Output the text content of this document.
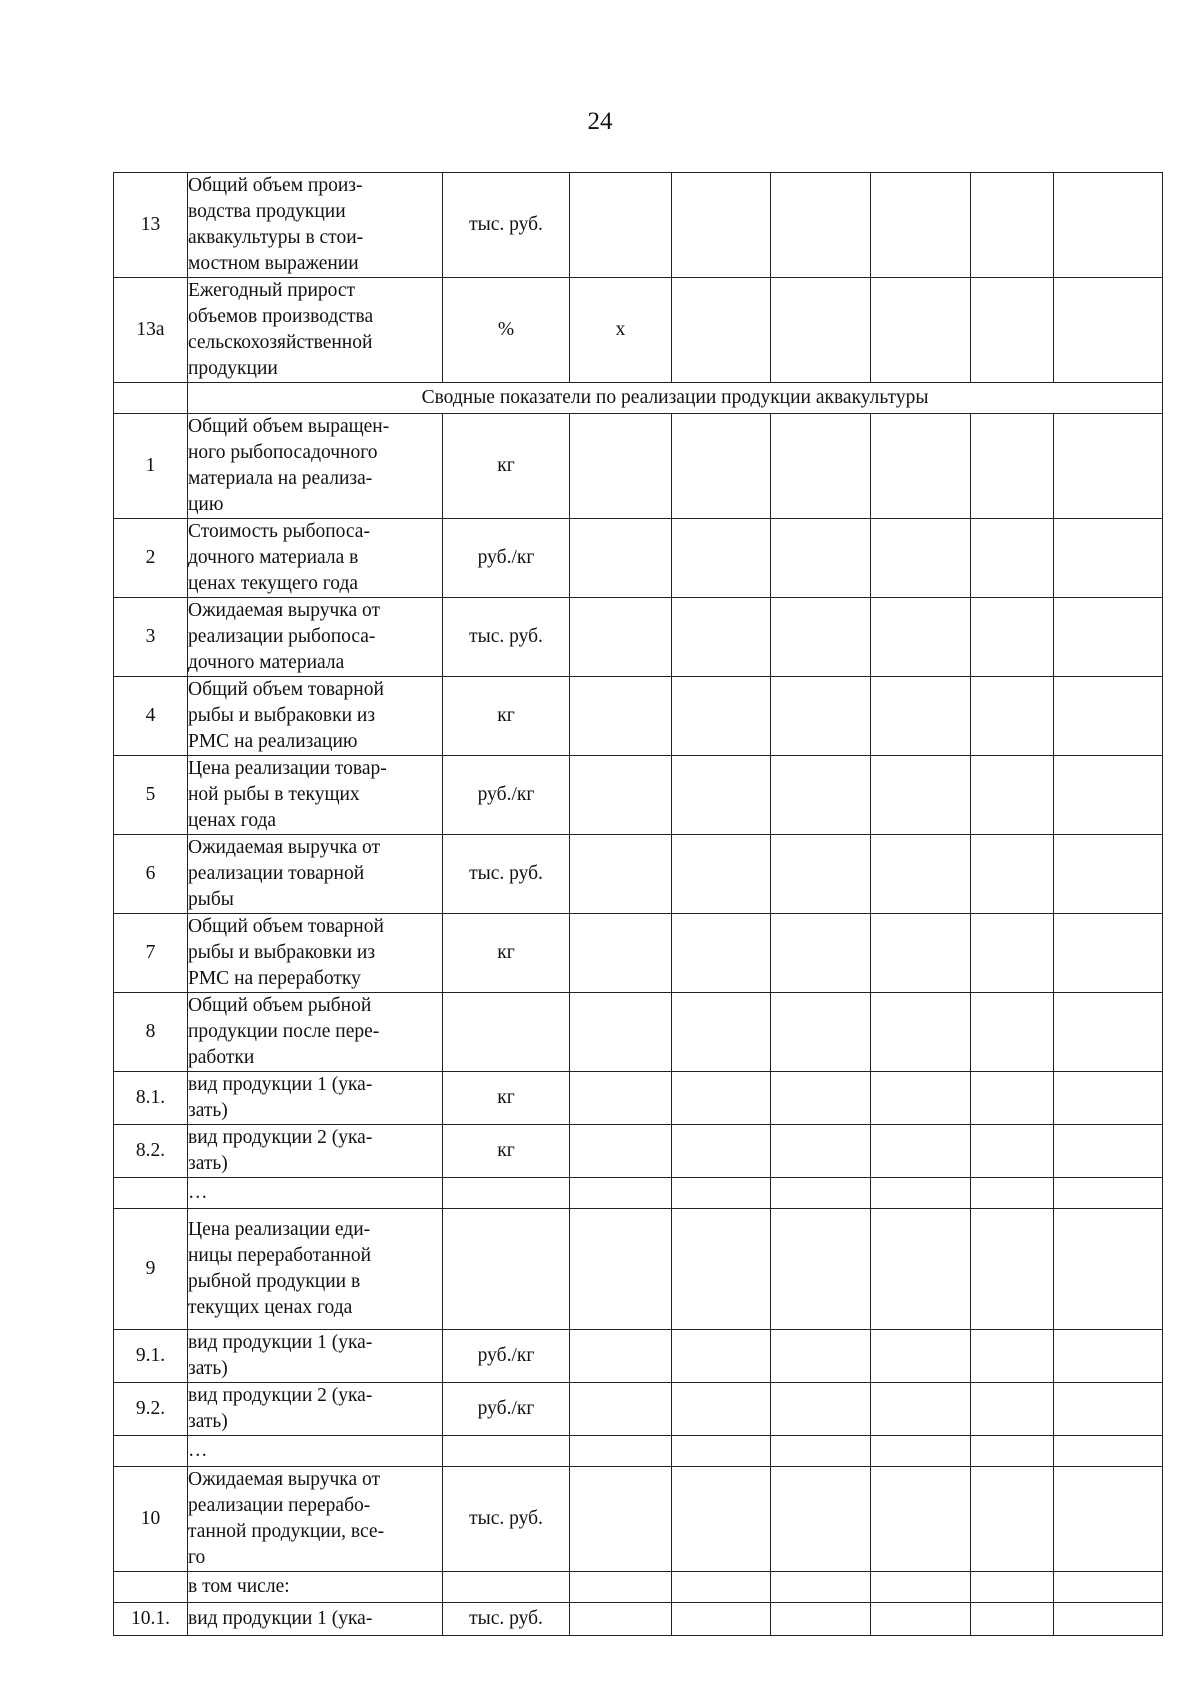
24
13	Общий объем произ-
водства продукции
аквакультуры в стои-
мостном выражении	тыс. руб.						
13а	Ежегодный прирост
объемов производства
сельскохозяйственной
продукции	%	х					
	Сводные показатели по реализации продукции аквакультуры							
1	Общий объем выращен-
ного рыбопосадочного
материала на реализа-
цию	кг						
2	Стоимость рыбопоса-
дочного материала в
ценах текущего года	руб./кг						
3	Ожидаемая выручка от
реализации рыбопоса-
дочного материала	тыс. руб.						
4	Общий объем товарной
рыбы и выбраковки из
РМС на реализацию	кг						
5	Цена реализации товар-
ной рыбы в текущих
ценах года	руб./кг						
6	Ожидаемая выручка от
реализации товарной
рыбы	тыс. руб.						
7	Общий объем товарной
рыбы и выбраковки из
РМС на переработку	кг						
8	Общий объем рыбной
продукции после пере-
работки							

8.1.	вид продукции 1 (ука-
зать)	кг						
8.2.	вид продукции 2 (ука-
зать)	кг						

	…							

9	Цена реализации еди-
ницы переработанной
рыбной продукции в
текущих ценах года							

9.1.	вид продукции 1 (ука-
зать)	руб./кг						
9.2.	вид продукции 2 (ука-
зать)	руб./кг						

	…							

10	Ожидаемая выручка от
реализации перерабо-
танной продукции, все-
го	тыс. руб.						

	в том числе:							

10.1.	вид продукции 1 (ука-	тыс. руб.						
